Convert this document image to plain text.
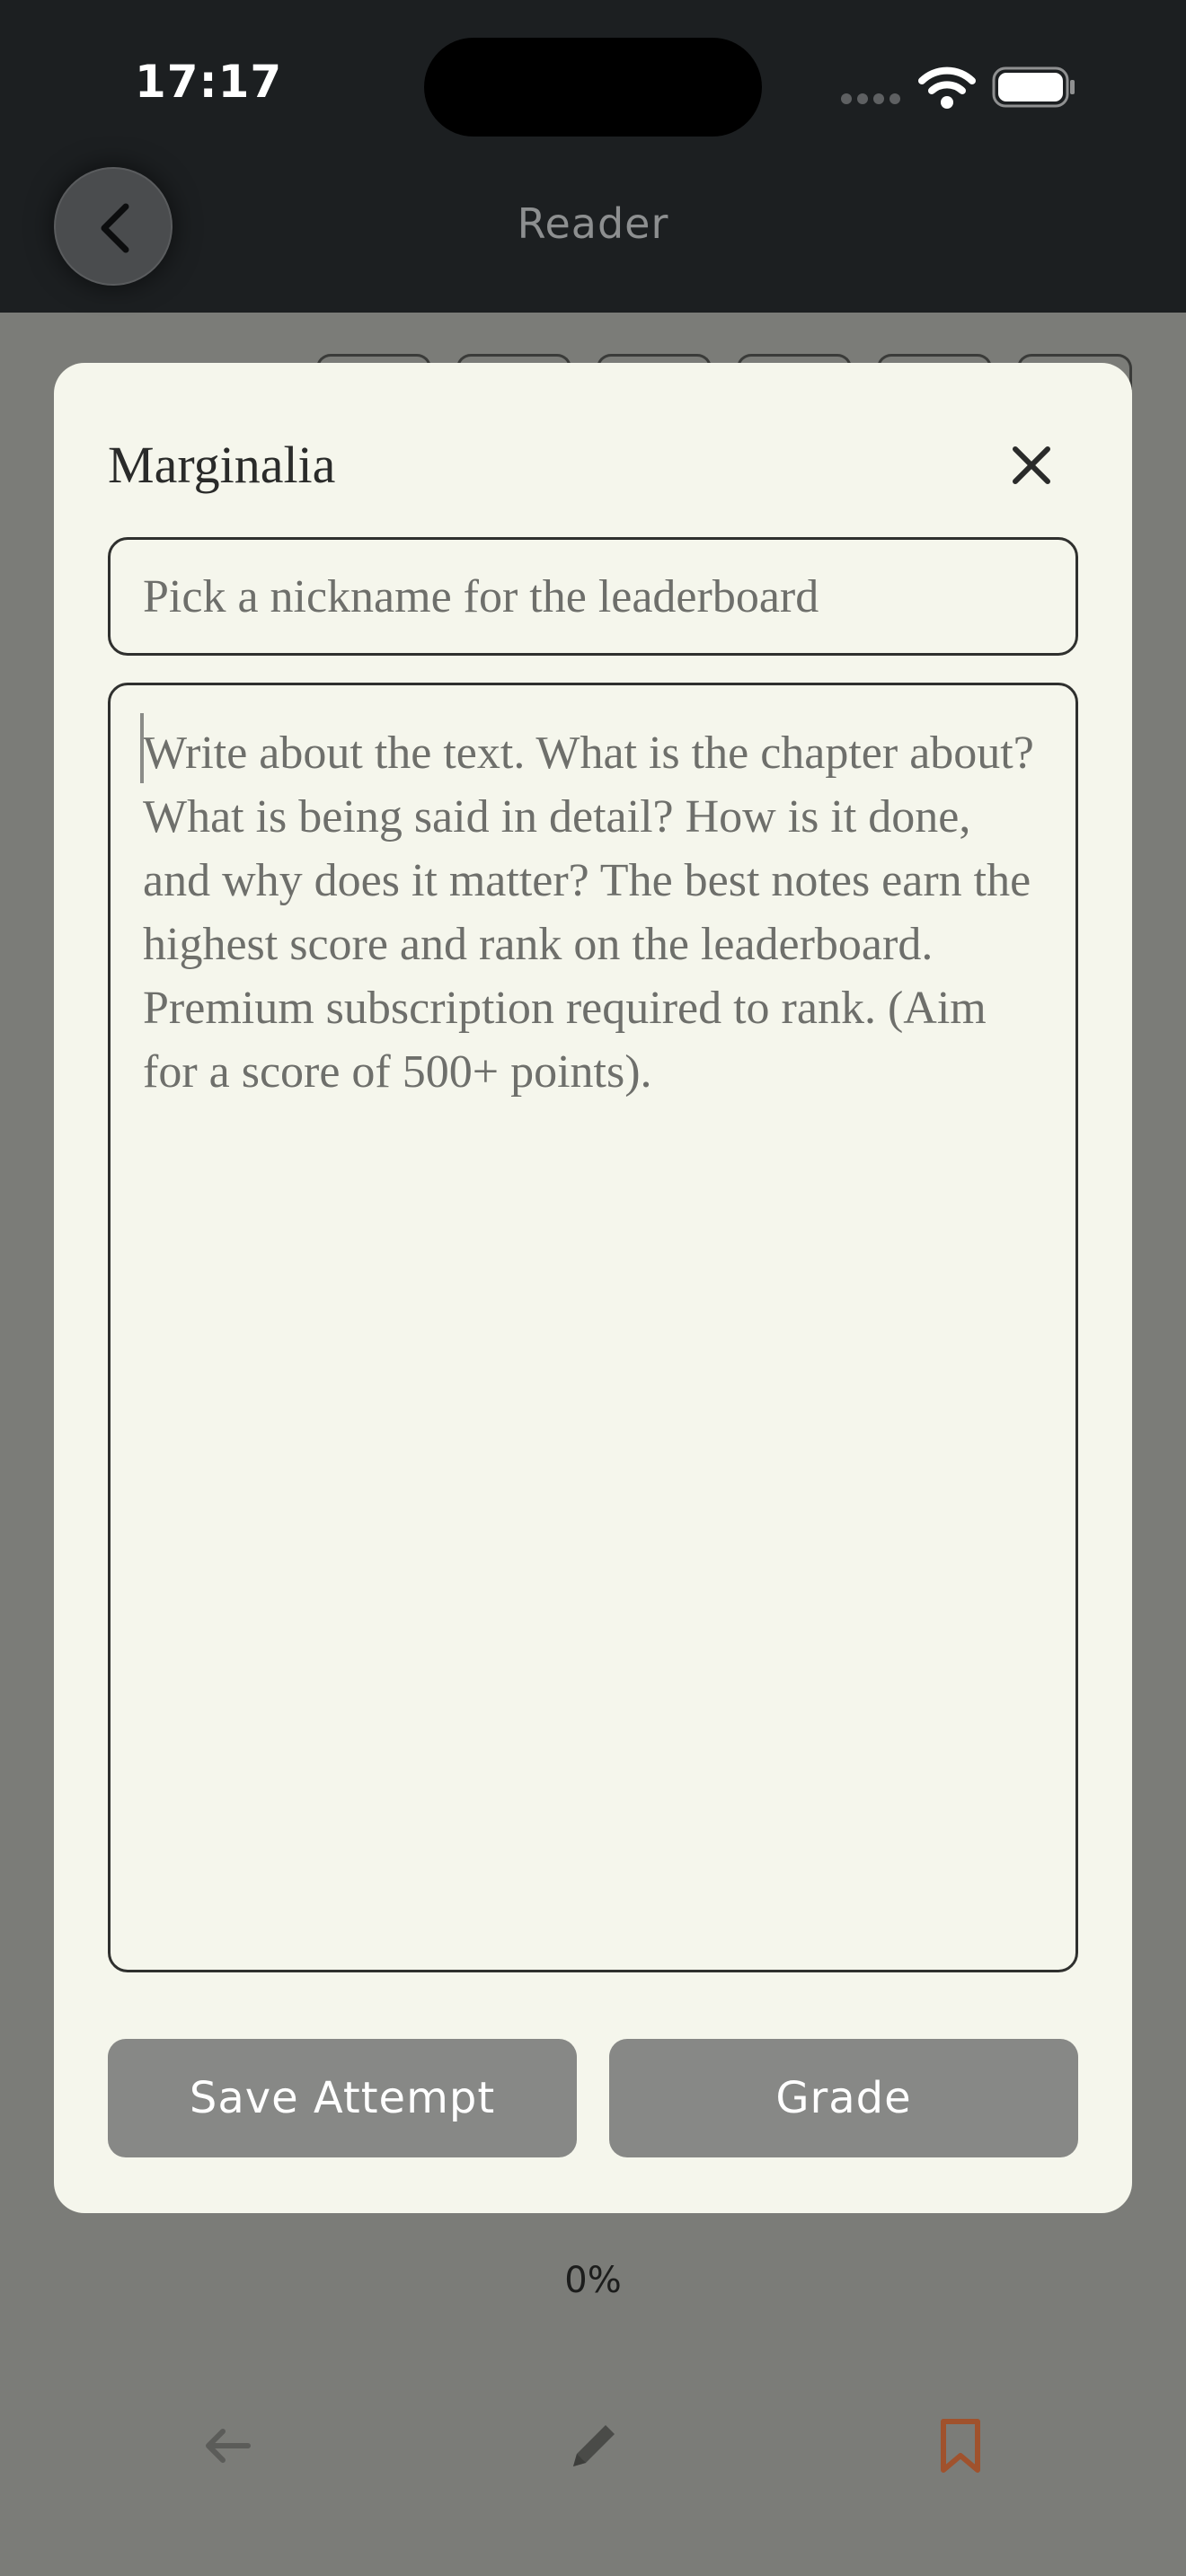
17:17
Reader
Marginalia
Pick a nickname for the leaderboard
Write about the text. What is the chapter about? What is being said in detail? How is it done, and why does it matter? The best notes earn the highest score and rank on the leaderboard. Premium subscription required to rank. (Aim for a score of 500+ points).
Save Attempt	Grade
0%
